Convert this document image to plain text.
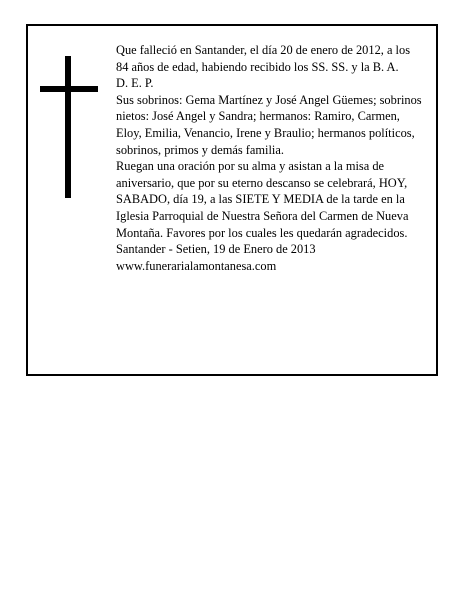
Que falleció en Santander, el día 20 de enero de 2012, a los 84 años de edad, habiendo recibido los SS. SS. y la B. A.

D. E. P.

Sus sobrinos: Gema Martínez y José Angel Güemes; sobrinos nietos: José Angel y Sandra; hermanos: Ramiro, Carmen, Eloy, Emilia, Venancio, Irene y Braulio; hermanos políticos, sobrinos, primos y demás familia.

Ruegan una oración por su alma y asistan a la misa de aniversario, que por su eterno descanso se celebrará, HOY, SABADO, día 19, a las SIETE Y MEDIA de la tarde en la Iglesia Parroquial de Nuestra Señora del Carmen de Nueva Montaña. Favores por los cuales les quedarán agradecidos.

Santander - Setien, 19 de Enero de 2013

www.funerarialamontanesa.com
